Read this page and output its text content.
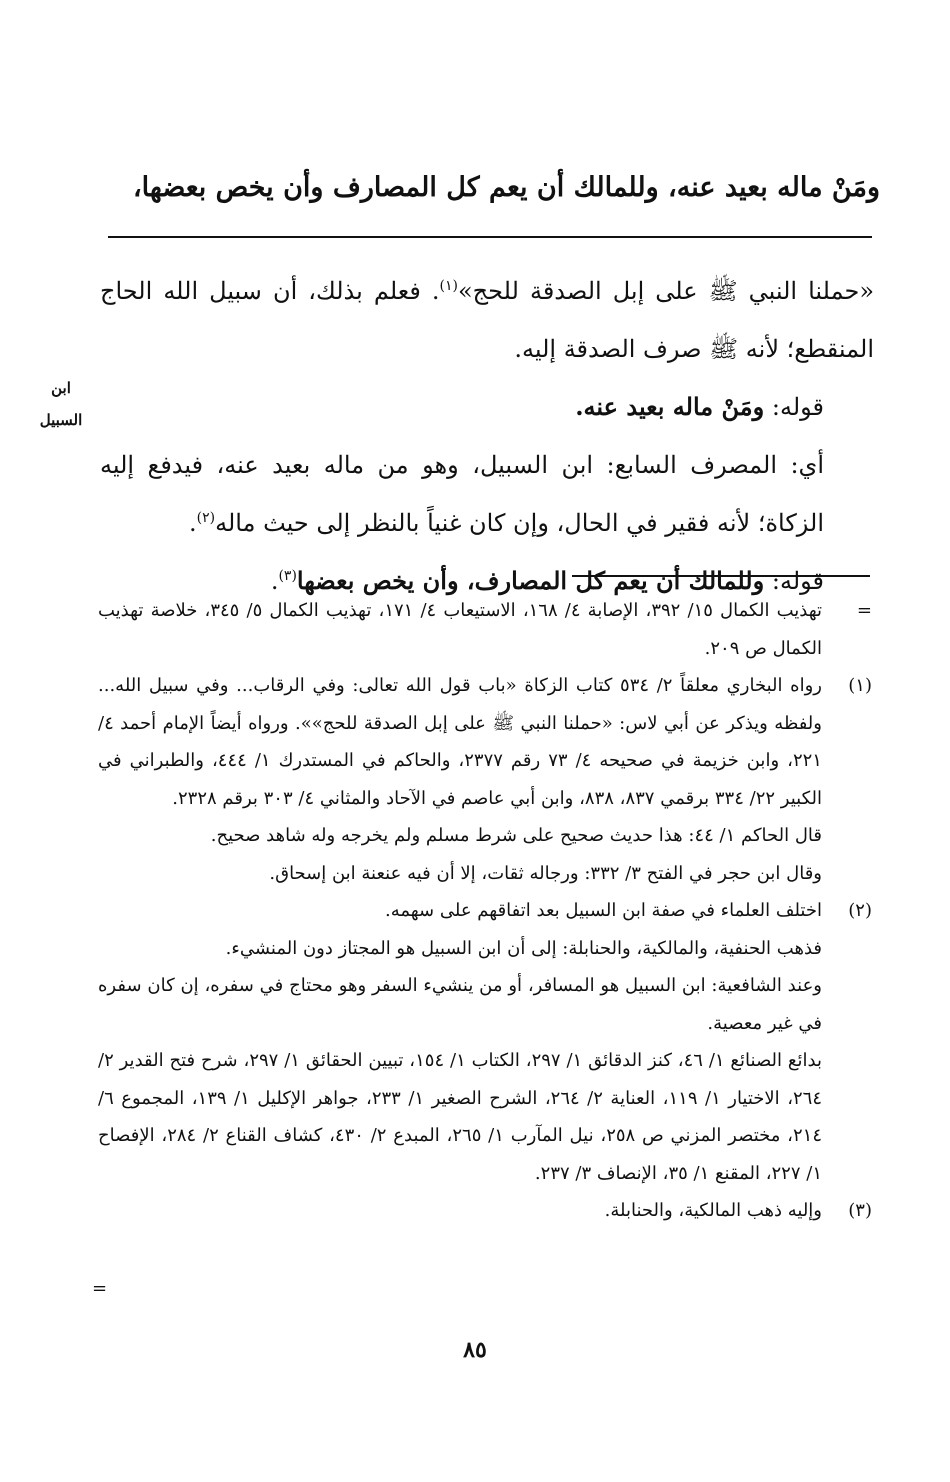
ومَنْ ماله بعيد عنه، وللمالك أن يعم كل المصارف وأن يخص بعضها،

«حملنا النبي ﷺ على إبل الصدقة للحج»$^{(١)}$. فعلم بذلك، أن سبيل الله الحاج المنقطع؛ لأنه ﷺ صرف الصدقة إليه.

قوله: ومَنْ ماله بعيد عنه.

أي: المصرف السابع: ابن السبيل، وهو من ماله بعيد عنه، فيدفع إليه الزكاة؛ لأنه فقير في الحال، وإن كان غنياً بالنظر إلى حيث ماله$^{(٢)}$.

قوله: وللمالك أن يعم كل المصارف، وأن يخص بعضها$^{(٣)}$.

ابن
السبيل
=
تهذيب الكمال ١٥/ ٣٩٢، الإصابة ٤/ ١٦٨، الاستيعاب ٤/ ١٧١، تهذيب الكمال ٥/ ٣٤٥، خلاصة تهذيب الكمال ص ٢٠٩.
(١)

رواه البخاري معلقاً ٢/ ٥٣٤ كتاب الزكاة «باب قول الله تعالى: وفي الرقاب... وفي سبيل الله... ولفظه ويذكر عن أبي لاس: «حملنا النبي ﷺ على إبل الصدقة للحج»». ورواه أيضاً الإمام أحمد ٤/ ٢٢١، وابن خزيمة في صحيحه ٤/ ٧٣ رقم ٢٣٧٧، والحاكم في المستدرك ١/ ٤٤٤، والطبراني في الكبير ٢٢/ ٣٣٤ برقمي ٨٣٧، ٨٣٨، وابن أبي عاصم في الآحاد والمثاني ٤/ ٣٠٣ برقم ٢٣٢٨.

قال الحاكم ١/ ٤٤: هذا حديث صحيح على شرط مسلم ولم يخرجه وله شاهد صحيح.

وقال ابن حجر في الفتح ٣/ ٣٣٢: ورجاله ثقات، إلا أن فيه عنعنة ابن إسحاق.

(٢)

اختلف العلماء في صفة ابن السبيل بعد اتفاقهم على سهمه.

فذهب الحنفية، والمالكية، والحنابلة: إلى أن ابن السبيل هو المجتاز دون المنشيء.

وعند الشافعية: ابن السبيل هو المسافر، أو من ينشيء السفر وهو محتاج في سفره، إن كان سفره في غير معصية.

بدائع الصنائع ١/ ٤٦، كنز الدقائق ١/ ٢٩٧، الكتاب ١/ ١٥٤، تبيين الحقائق ١/ ٢٩٧، شرح فتح القدير ٢/ ٢٦٤، الاختيار ١/ ١١٩، العناية ٢/ ٢٦٤، الشرح الصغير ١/ ٢٣٣، جواهر الإكليل ١/ ١٣٩، المجموع ٦/ ٢١٤، مختصر المزني ص ٢٥٨، نيل المآرب ١/ ٢٦٥، المبدع ٢/ ٤٣٠، كشاف القناع ٢/ ٢٨٤، الإفصاح ١/ ٢٢٧، المقنع ١/ ٣٥، الإنصاف ٣/ ٢٣٧.

(٣)
وإليه ذهب المالكية، والحنابلة.
=
٨٥
